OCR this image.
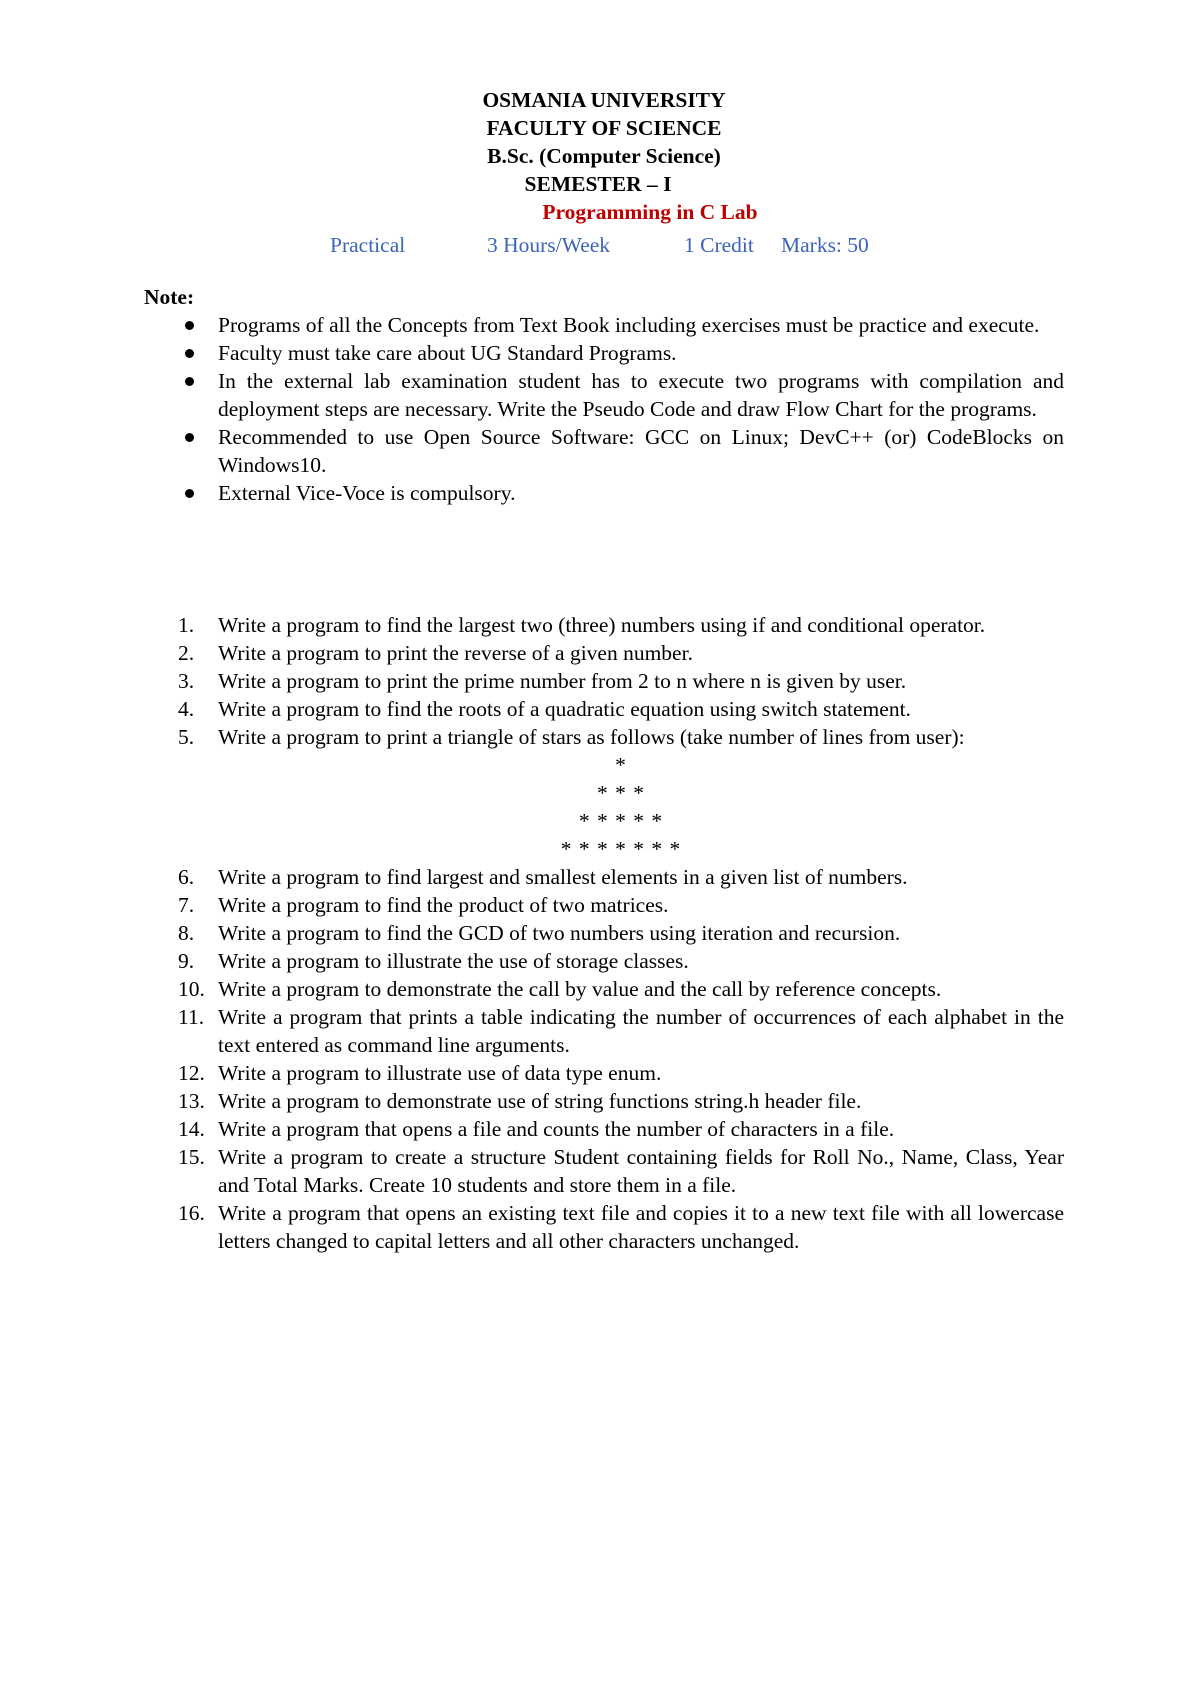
OSMANIA UNIVERSITY
FACULTY OF SCIENCE
B.Sc. (Computer Science)
SEMESTER – I
Programming in C Lab
Practical	3 Hours/Week	1 Credit Marks: 50
Note:
Programs of all the Concepts from Text Book including exercises must be practice and execute.
Faculty must take care about UG Standard Programs.
In the external lab examination student has to execute two programs with compilation and deployment steps are necessary. Write the Pseudo Code and draw Flow Chart for the programs.
Recommended to use Open Source Software: GCC on Linux; DevC++ (or) CodeBlocks on Windows10.
External Vice-Voce is compulsory.
1. Write a program to find the largest two (three) numbers using if and conditional operator.
2. Write a program to print the reverse of a given number.
3. Write a program to print the prime number from 2 to n where n is given by user.
4. Write a program to find the roots of a quadratic equation using switch statement.
5. Write a program to print a triangle of stars as follows (take number of lines from user):
*
* * *
* * * * *
* * * * * * *
6. Write a program to find largest and smallest elements in a given list of numbers.
7. Write a program to find the product of two matrices.
8. Write a program to find the GCD of two numbers using iteration and recursion.
9. Write a program to illustrate the use of storage classes.
10. Write a program to demonstrate the call by value and the call by reference concepts.
11. Write a program that prints a table indicating the number of occurrences of each alphabet in the text entered as command line arguments.
12. Write a program to illustrate use of data type enum.
13. Write a program to demonstrate use of string functions string.h header file.
14. Write a program that opens a file and counts the number of characters in a file.
15. Write a program to create a structure Student containing fields for Roll No., Name, Class, Year and Total Marks. Create 10 students and store them in a file.
16. Write a program that opens an existing text file and copies it to a new text file with all lowercase letters changed to capital letters and all other characters unchanged.
